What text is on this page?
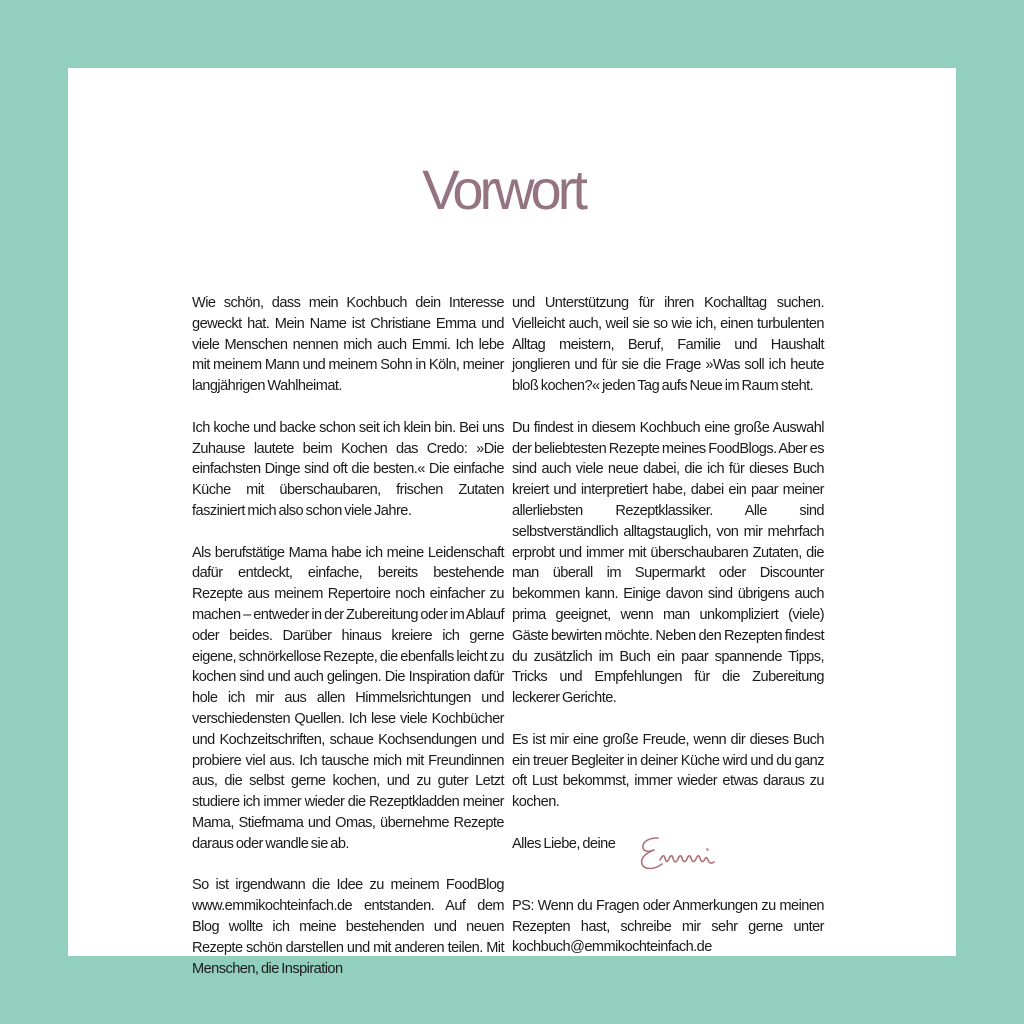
Vorwort

Wie schön, dass mein Kochbuch dein Interesse geweckt hat. Mein Name ist Christiane Emma und viele Menschen nennen mich auch Emmi. Ich lebe mit meinem Mann und meinem Sohn in Köln, meiner langjährigen Wahlheimat.

Ich koche und backe schon seit ich klein bin. Bei uns Zuhause lautete beim Kochen das Credo: »Die einfachsten Dinge sind oft die besten.« Die einfache Küche mit überschaubaren, frischen Zutaten fasziniert mich also schon viele Jahre.

Als berufstätige Mama habe ich meine Leidenschaft dafür entdeckt, einfache, bereits bestehende Rezepte aus meinem Repertoire noch einfacher zu machen – entweder in der Zubereitung oder im Ablauf oder beides. Darüber hinaus kreiere ich gerne eigene, schnörkellose Rezepte, die ebenfalls leicht zu kochen sind und auch gelingen. Die Inspiration dafür hole ich mir aus allen Himmelsrichtungen und verschiedensten Quellen. Ich lese viele Kochbücher und Kochzeitschriften, schaue Kochsendungen und probiere viel aus. Ich tausche mich mit Freundinnen aus, die selbst gerne kochen, und zu guter Letzt studiere ich immer wieder die Rezeptkladden meiner Mama, Stiefmama und Omas, übernehme Rezepte daraus oder wandle sie ab.

So ist irgendwann die Idee zu meinem FoodBlog www.emmikochteinfach.de entstanden. Auf dem Blog wollte ich meine bestehenden und neuen Rezepte schön darstellen und mit anderen teilen. Mit Menschen, die Inspiration

und Unterstützung für ihren Kochalltag suchen. Vielleicht auch, weil sie so wie ich, einen turbulenten Alltag meistern, Beruf, Familie und Haushalt jonglieren und für sie die Frage »Was soll ich heute bloß kochen?« jeden Tag aufs Neue im Raum steht.

Du findest in diesem Kochbuch eine große Auswahl der beliebtesten Rezepte meines FoodBlogs. Aber es sind auch viele neue dabei, die ich für dieses Buch kreiert und interpretiert habe, dabei ein paar meiner allerliebsten Rezeptklassiker. Alle sind selbstverständlich alltagstauglich, von mir mehrfach erprobt und immer mit überschaubaren Zutaten, die man überall im Supermarkt oder Discounter bekommen kann. Einige davon sind übrigens auch prima geeignet, wenn man unkompliziert (viele) Gäste bewirten möchte. Neben den Rezepten findest du zusätzlich im Buch ein paar spannende Tipps, Tricks und Empfehlungen für die Zubereitung leckerer Gerichte.

Es ist mir eine große Freude, wenn dir dieses Buch ein treuer Begleiter in deiner Küche wird und du ganz oft Lust bekommst, immer wieder etwas daraus zu kochen.

Alles Liebe, deine

PS: Wenn du Fragen oder Anmerkungen zu meinen Rezepten hast, schreibe mir sehr gerne unter kochbuch@emmikochteinfach.de
